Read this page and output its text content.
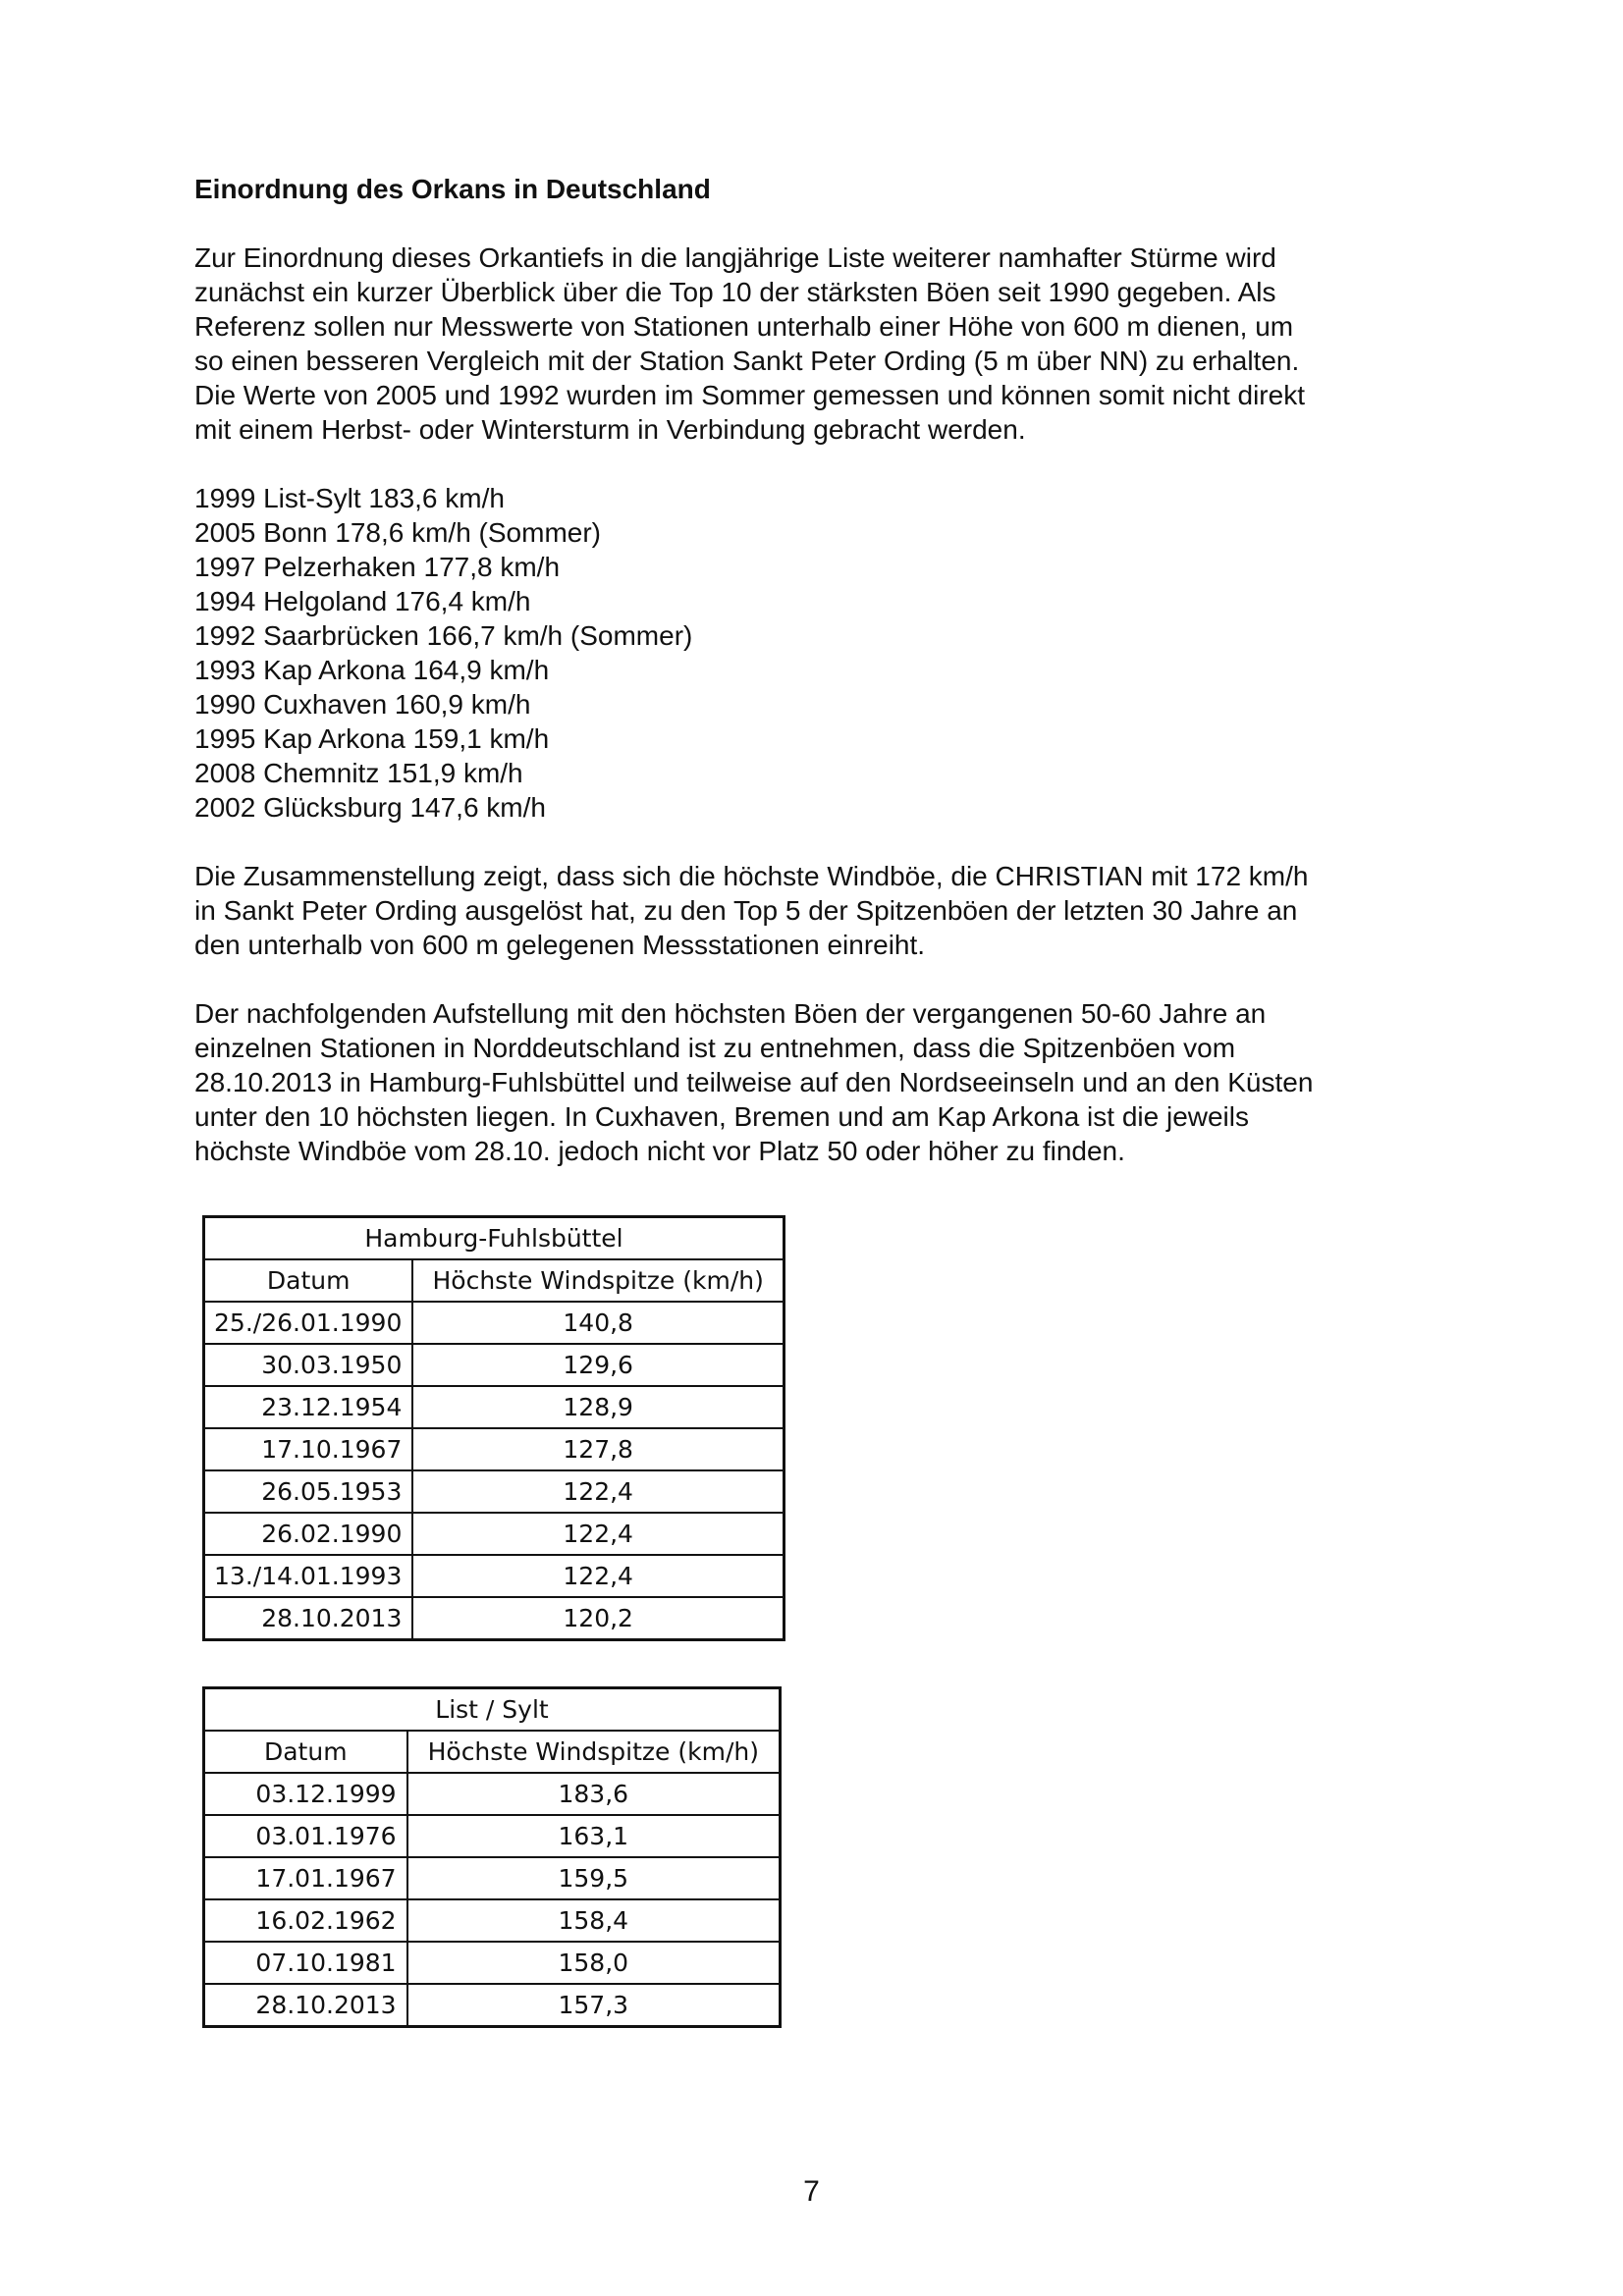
Einordnung des Orkans in Deutschland
Zur Einordnung dieses Orkantiefs in die langjährige Liste weiterer namhafter Stürme wird
zunächst ein kurzer Überblick über die Top 10 der stärksten Böen seit 1990 gegeben. Als
Referenz sollen nur Messwerte von Stationen unterhalb einer Höhe von 600 m dienen, um
so einen besseren Vergleich mit der Station Sankt Peter Ording (5 m über NN) zu erhalten.
Die Werte von 2005 und 1992 wurden im Sommer gemessen und können somit nicht direkt
mit einem Herbst- oder Wintersturm in Verbindung gebracht werden.
1999 List-Sylt 183,6 km/h
2005 Bonn 178,6 km/h (Sommer)
1997 Pelzerhaken 177,8 km/h
1994 Helgoland 176,4 km/h
1992 Saarbrücken 166,7 km/h (Sommer)
1993 Kap Arkona 164,9 km/h
1990 Cuxhaven 160,9 km/h
1995 Kap Arkona 159,1 km/h
2008 Chemnitz 151,9 km/h
2002 Glücksburg 147,6 km/h
Die Zusammenstellung zeigt, dass sich die höchste Windböe, die CHRISTIAN mit 172 km/h
in Sankt Peter Ording ausgelöst hat, zu den Top 5 der Spitzenböen der letzten 30 Jahre an
den unterhalb von 600 m gelegenen Messstationen einreiht.
Der nachfolgenden Aufstellung mit den höchsten Böen der vergangenen 50-60 Jahre an
einzelnen Stationen in Norddeutschland ist zu entnehmen, dass die Spitzenböen vom
28.10.2013 in Hamburg-Fuhlsbüttel und teilweise auf den Nordseeinseln und an den Küsten
unter den 10 höchsten liegen. In Cuxhaven, Bremen und am Kap Arkona ist die jeweils
höchste Windböe vom 28.10. jedoch nicht vor Platz 50 oder höher zu finden.
Hamburg-Fuhlsbüttel	
Datum	Höchste Windspitze (km/h)
25./26.01.1990	140,8
30.03.1950	129,6
23.12.1954	128,9
17.10.1967	127,8
26.05.1953	122,4
26.02.1990	122,4
13./14.01.1993	122,4
28.10.2013	120,2
List / Sylt	
Datum	Höchste Windspitze (km/h)
03.12.1999	183,6
03.01.1976	163,1
17.01.1967	159,5
16.02.1962	158,4
07.10.1981	158,0
28.10.2013	157,3
7
